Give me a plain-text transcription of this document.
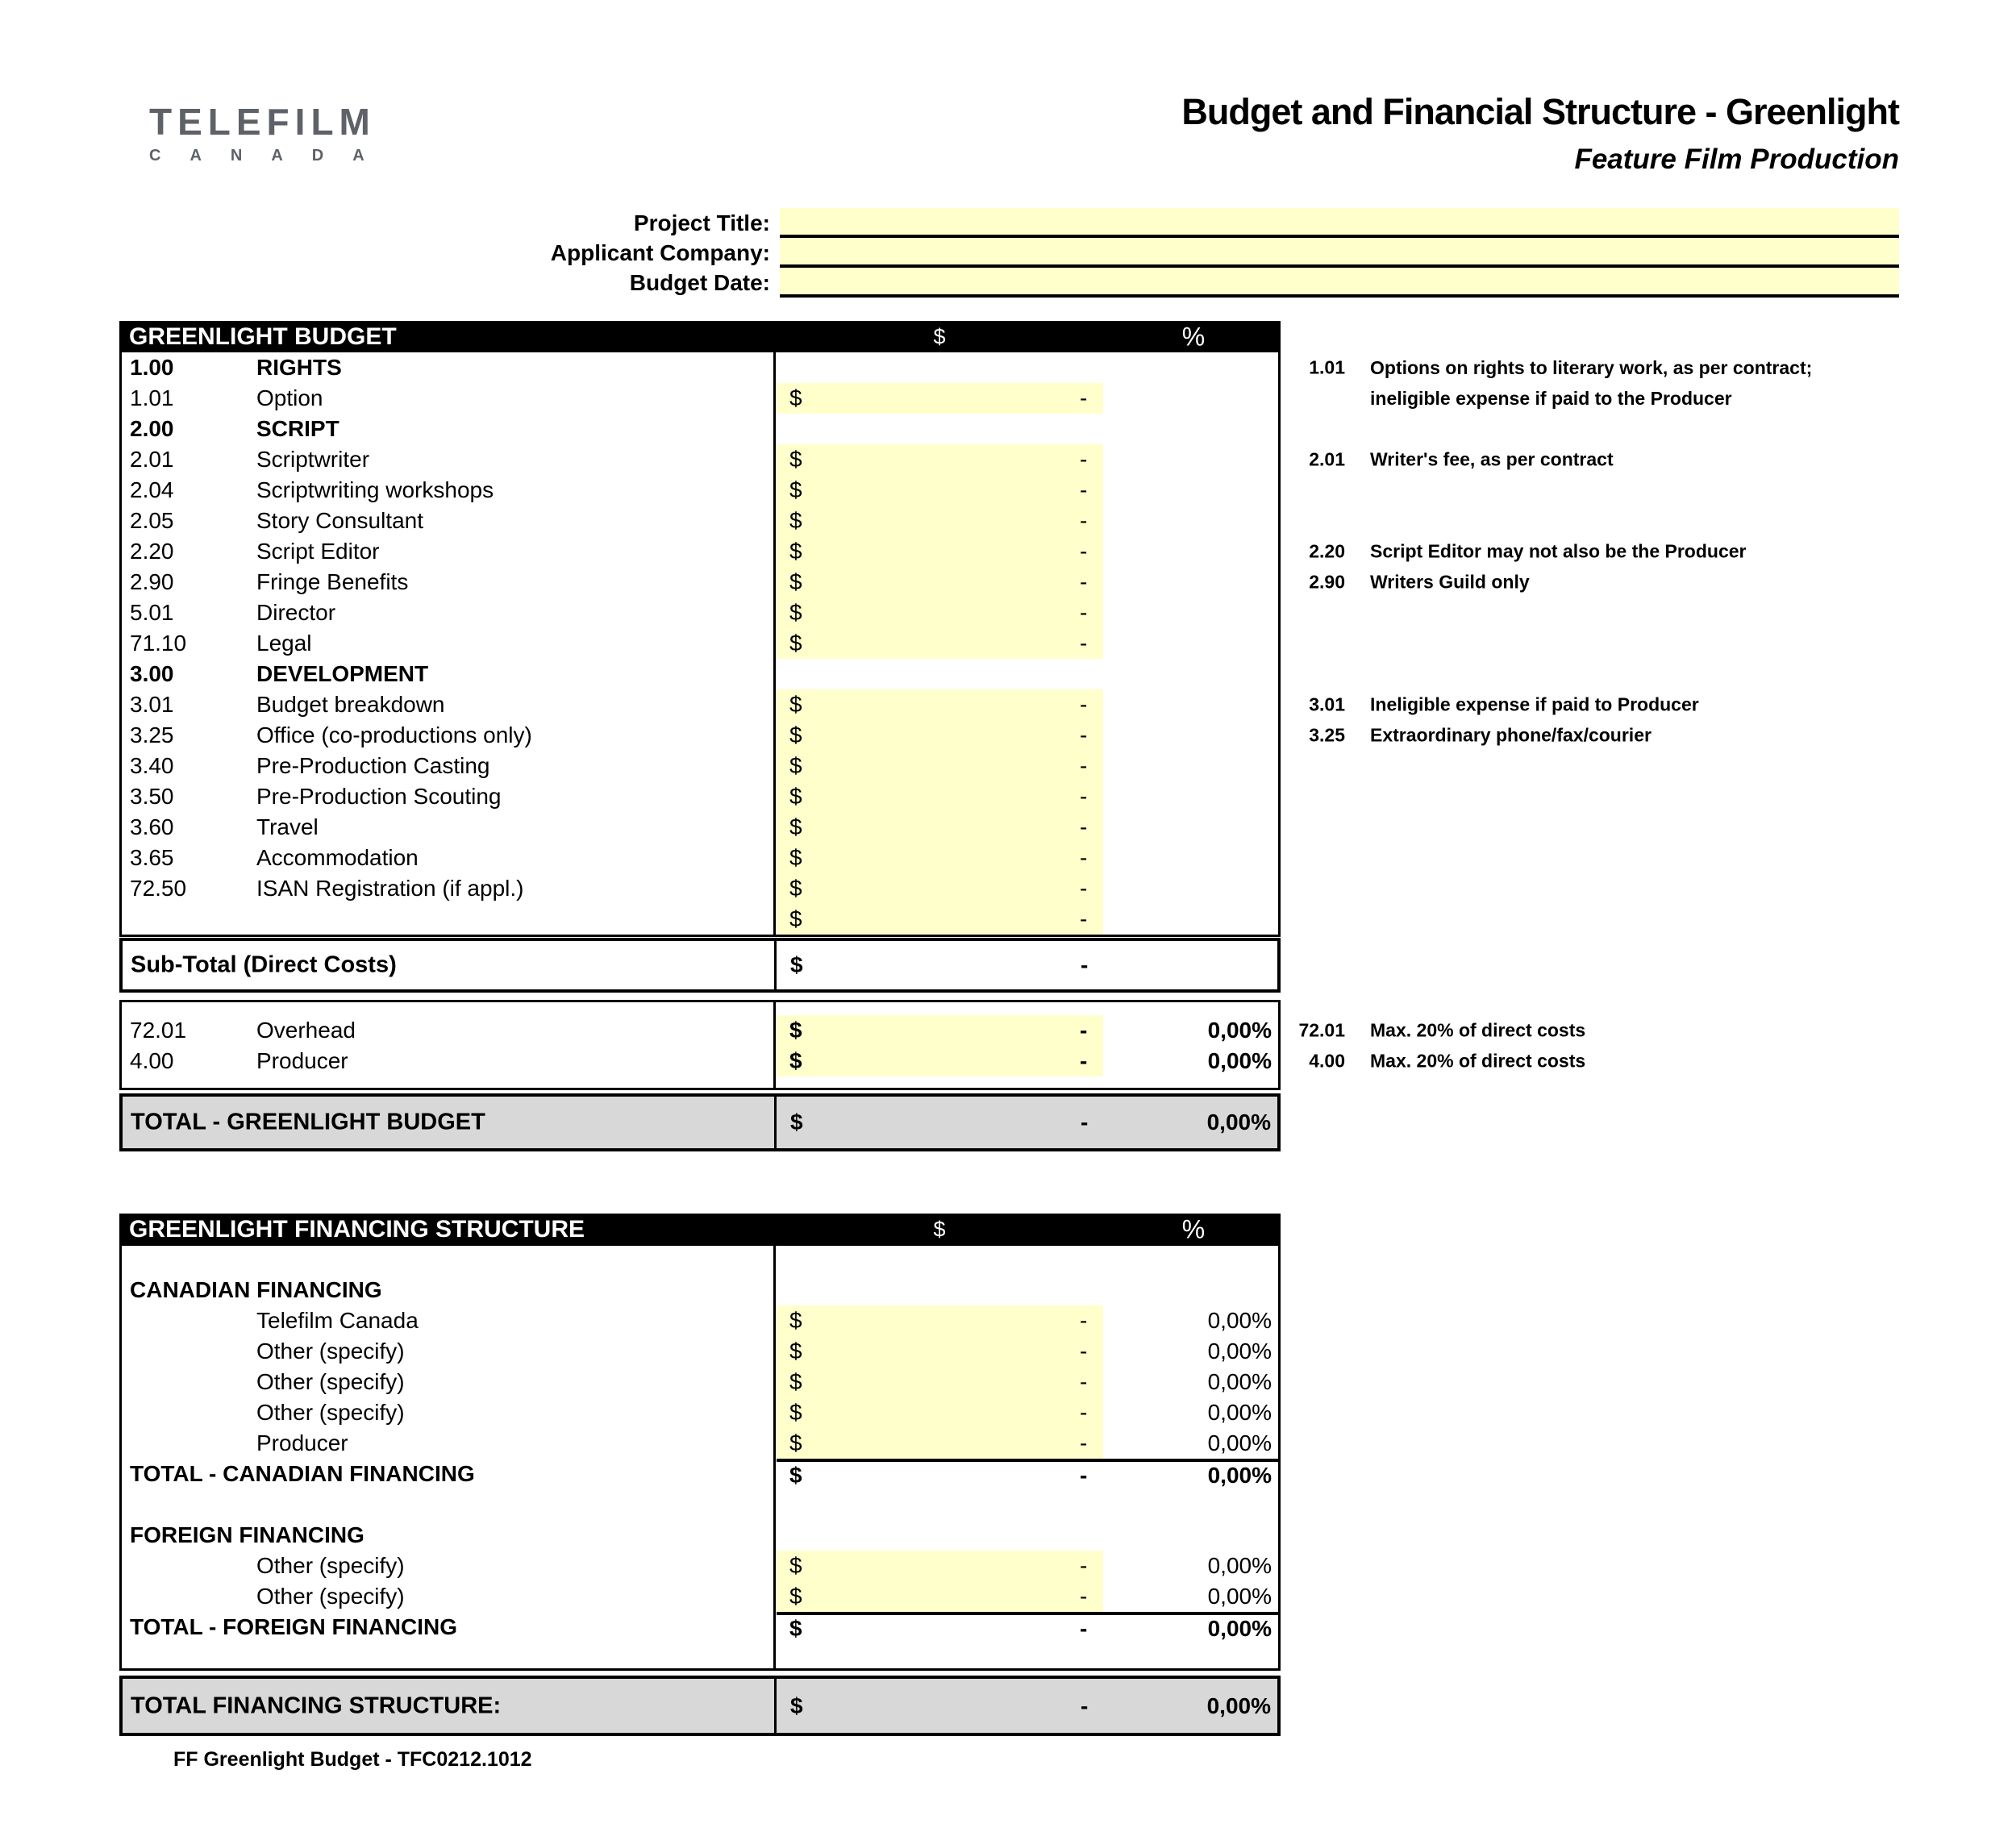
TELEFILM
CANADA
Budget and Financial Structure - Greenlight
Feature Film Production
Project Title:
Applicant Company:
Budget Date:
GREENLIGHT BUDGET	$	%
1.00	RIGHTS	1.01 Options on rights to literary work, as per contract;
ineligible expense if paid to the Producer
1.01	Option	$	-
2.00	SCRIPT
2.01	Scriptwriter	$	-	2.01 Writer's fee, as per contract
2.04	Scriptwriting workshops	$	-
2.05	Story Consultant	$	-
2.20	Script Editor	$	-	2.20 Script Editor may not also be the Producer
2.90	Fringe Benefits	$	-	2.90 Writers Guild only
5.01	Director	$	-
71.10	Legal	$	-
3.00	DEVELOPMENT
3.01	Budget breakdown	$	-	3.01 Ineligible expense if paid to Producer
3.25	Office (co-productions only)	$	-	3.25 Extraordinary phone/fax/courier
3.40	Pre-Production Casting	$	-
3.50	Pre-Production Scouting	$	-
3.60	Travel	$	-
3.65	Accommodation	$	-
72.50	ISAN Registration (if appl.)	$	-
$	-
Sub-Total (Direct Costs)	$	-
72.01	Overhead	$	-	0,00% 72.01 Max. 20% of direct costs
4.00	Producer	$	-	0,00%	4.00 Max. 20% of direct costs
TOTAL - GREENLIGHT BUDGET	$	-	0,00%
GREENLIGHT FINANCING STRUCTURE	$	%
CANADIAN FINANCING
Telefilm Canada	$	-	0,00%
Other (specify)	$	-	0,00%
Other (specify)	$	-	0,00%
Other (specify)	$	-	0,00%
Producer	$	-	0,00%
TOTAL - CANADIAN FINANCING	$	-	0,00%
FOREIGN FINANCING
Other (specify)	$	-	0,00%
Other (specify)	$	-	0,00%
TOTAL - FOREIGN FINANCING	$	-	0,00%
TOTAL FINANCING STRUCTURE:	$	-	0,00%
FF Greenlight Budget - TFC0212.1012
